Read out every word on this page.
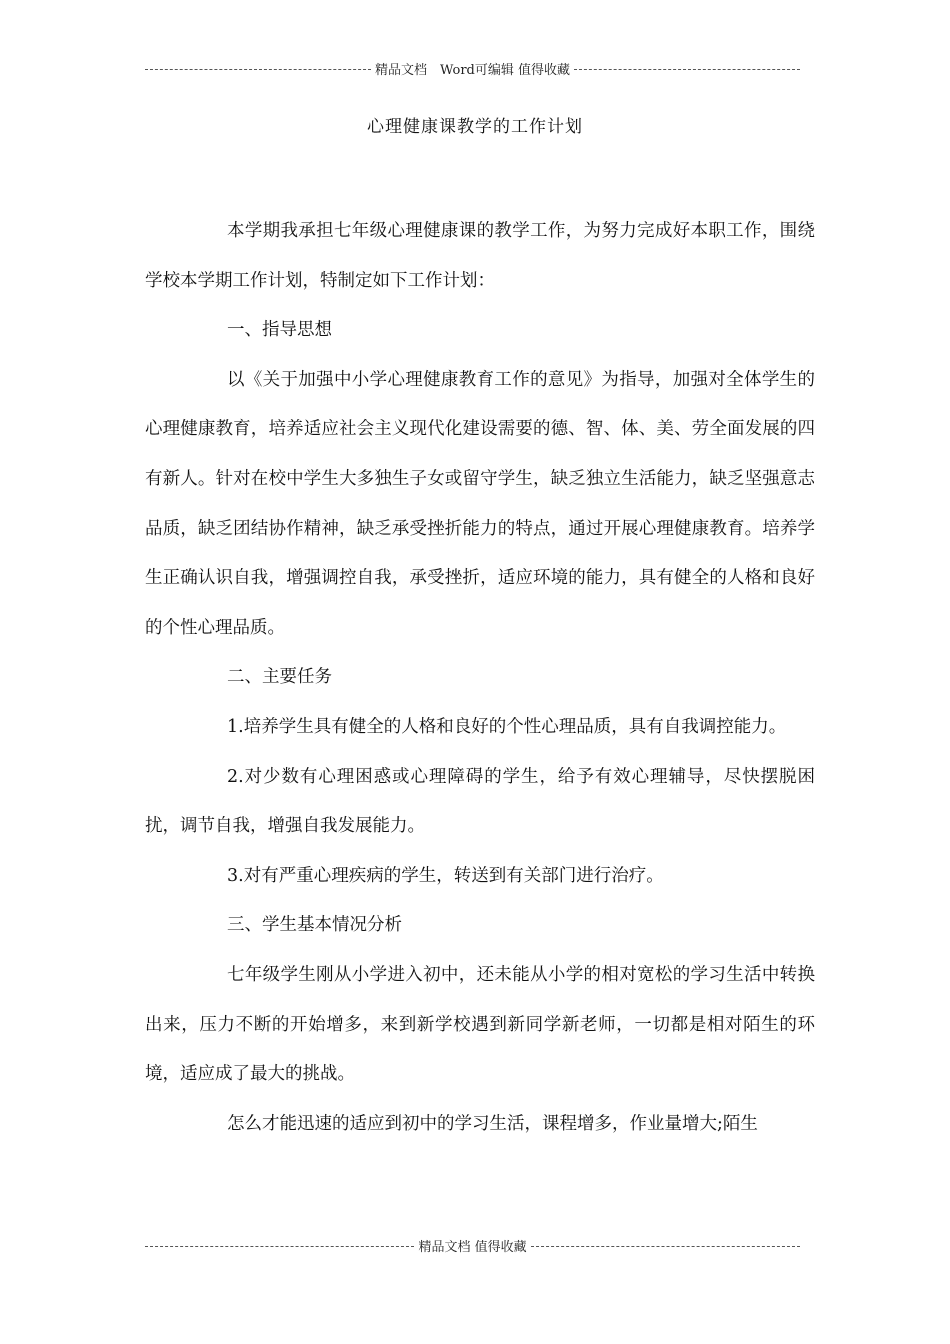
精品文档　Word可编辑 值得收藏
心理健康课教学的工作计划

本学期我承担七年级心理健康课的教学工作，为努力完成好本职工作，围绕学校本学期工作计划，特制定如下工作计划：

一、指导思想

以《关于加强中小学心理健康教育工作的意见》为指导，加强对全体学生的心理健康教育，培养适应社会主义现代化建设需要的德、智、体、美、劳全面发展的四有新人。针对在校中学生大多独生子女或留守学生，缺乏独立生活能力，缺乏坚强意志品质，缺乏团结协作精神，缺乏承受挫折能力的特点，通过开展心理健康教育。培养学生正确认识自我，增强调控自我，承受挫折，适应环境的能力，具有健全的人格和良好的个性心理品质。

二、主要任务

1.培养学生具有健全的人格和良好的个性心理品质，具有自我调控能力。

2.对少数有心理困惑或心理障碍的学生，给予有效心理辅导，尽快摆脱困扰，调节自我，增强自我发展能力。

3.对有严重心理疾病的学生，转送到有关部门进行治疗。

三、学生基本情况分析

七年级学生刚从小学进入初中，还未能从小学的相对宽松的学习生活中转换出来，压力不断的开始增多，来到新学校遇到新同学新老师，一切都是相对陌生的环境，适应成了最大的挑战。

怎么才能迅速的适应到初中的学习生活，课程增多，作业量增大;陌生

精品文档 值得收藏
